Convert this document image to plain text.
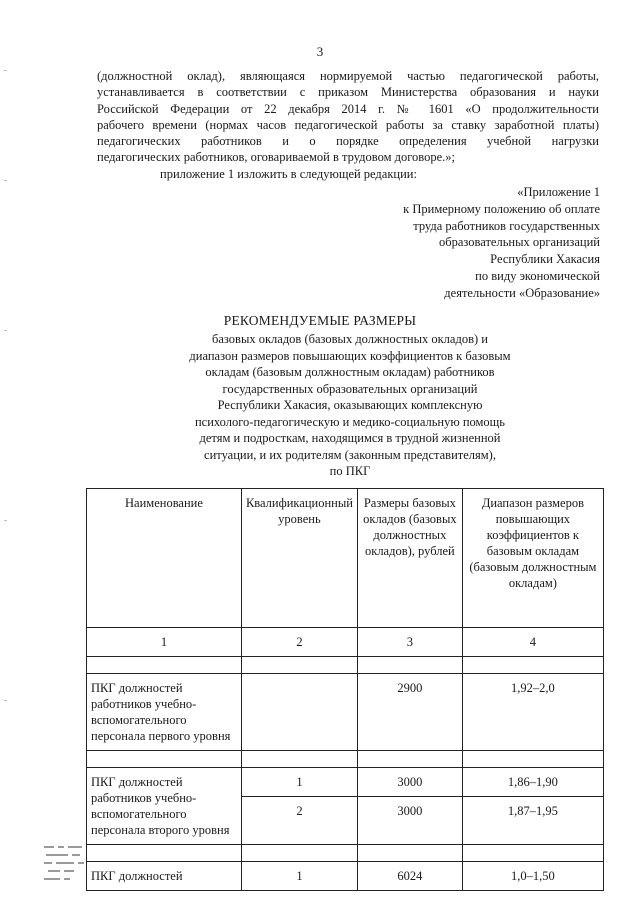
3
(должностной оклад), являющаяся нормируемой частью педагогической работы,
устанавливается в соответствии с приказом Министерства образования и науки
Российской Федерации от 22 декабря 2014 г. № 1601 «О продолжительности
рабочего времени (нормах часов педагогической работы за ставку заработной платы)
педагогических работников и о порядке определения учебной нагрузки
педагогических работников, оговариваемой в трудовом договоре.»;
приложение 1 изложить в следующей редакции:
«Приложение 1
к Примерному положению об оплате
труда работников государственных
образовательных организаций
Республики Хакасия
по виду экономической
деятельности «Образование»
РЕКОМЕНДУЕМЫЕ РАЗМЕРЫ
базовых окладов (базовых должностных окладов) и
диапазон размеров повышающих коэффициентов к базовым
окладам (базовым должностным окладам) работников
государственных образовательных организаций
Республики Хакасия, оказывающих комплексную
психолого-педагогическую и медико-социальную помощь
детям и подросткам, находящимся в трудной жизненной
ситуации, и их родителям (законным представителям),
по ПКГ
Наименование	Квалификационный уровень	Размеры базовых окладов (базовых должностных окладов), рублей	Диапазон размеров повышающих коэффициентов к базовым окладам (базовым должностным окладам)
1	2	3	4

ПКГ должностей работников учебно-вспомогательного персонала первого уровня		2900	1,92–2,0

ПКГ должностей работников учебно-вспомогательного персонала второго уровня	1	3000	1,86–1,90
	2	3000	1,87–1,95

ПКГ должностей	1	6024	1,0–1,50
